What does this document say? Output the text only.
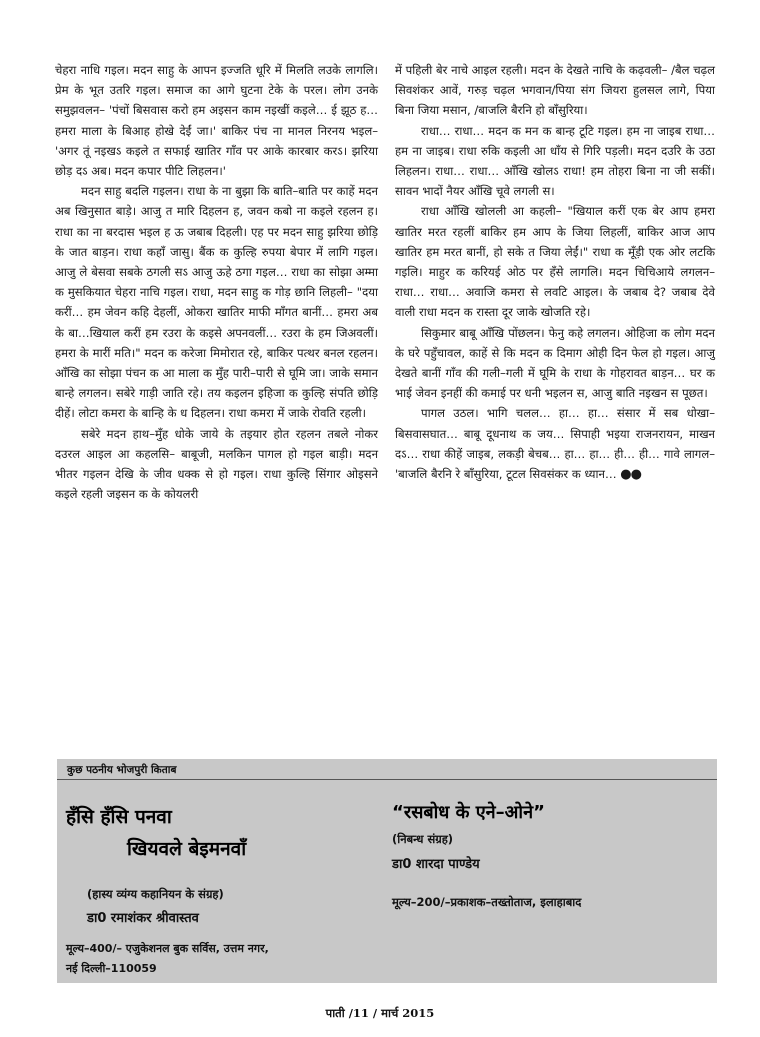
चेहरा नाधि गइल। मदन साहु के आपन इज्जति धूरि में मिलति लउके लागलि। प्रेम के भूत उतरि गइल। समाज का आगे घुटना टेके के परल। लोग उनके समुझवलन– 'पंचों बिसवास करो हम अइसन काम नइखीं कइले… ई झूठ ह… हमरा माला के बिआह होखे देईं जा।' बाकिर पंच ना मानल निरनय भइल– 'अगर तूं नइखऽ कइले त सफाई खातिर गाँव पर आके कारबार करऽ। झरिया छोड़ दऽ अब। मदन कपार पीटि लिहलन।'

मदन साहु बदलि गइलन। राधा के ना बुझा कि बाति–बाति पर काहें मदन अब खिनुसात बाड़े। आजु त मारि दिहलन ह, जवन कबो ना कइले रहलन ह। राधा का ना बरदास भइल ह ऊ जबाब दिहली। एह पर मदन साहु झरिया छोड़ि के जात बाड़न। राधा कहाँ जासु। बैंक क कुल्हि रुपया बेपार में लागि गइल। आजु ले बेसवा सबके ठगली सऽ आजु ऊहे ठगा गइल… राधा का सोझा अम्मा क मुसकियात चेहरा नाचि गइल। राधा, मदन साहु क गोड़ छानि लिहली– "दया करीं… हम जेवन कहि देहलीं, ओकरा खातिर माफी माँगत बानीं… हमरा अब के बा…खियाल करीं हम रउरा के कइसे अपनवलीं… रउरा के हम जिअवलीं। हमरा के मारीं मति।" मदन क करेजा मिमोरात रहे, बाकिर पत्थर बनल रहलन। आँखि का सोझा पंचन क आ माला क मुँह पारी–पारी से घूमि जा। जाके समान बान्हे लगलन। सबेरे गाड़ी जाति रहे। तय कइलन इहिजा क कुल्हि संपति छोड़ि दीहें। लोटा कमरा के बान्हि के ध दिहलन। राधा कमरा में जाके रोवति रहली।

सबेरे मदन हाथ–मुँह धोके जाये के तइयार होत रहलन तबले नोकर दउरल आइल आ कहलसि– बाबूजी, मलकिन पागल हो गइल बाड़ी। मदन भीतर गइलन देखि के जीव धक्क से हो गइल। राधा कुल्हि सिंगार ओइसने कइले रहली जइसन क के कोयलरी

में पहिली बेर नाचे आइल रहली। मदन के देखते नाचि के कढ़वली– /बैल चढ़ल सिवशंकर आवें, गरुड़ चढ़ल भगवान/पिया संग जियरा हुलसल लागे, पिया बिना जिया मसान, /बाजलि बैरनि हो बाँसुरिया।

राधा… राधा… मदन क मन क बान्ह टूटि गइल। हम ना जाइब राधा… हम ना जाइब। राधा रुकि कइली आ धाँय से गिरि पड़ली। मदन दउरि के उठा लिहलन। राधा… राधा… आँखि खोलऽ राधा! हम तोहरा बिना ना जी सकीं। सावन भादों नैयर आँखि चूवे लगली स।

राधा आँखि खोलली आ कहली– "खियाल करीं एक बेर आप हमरा खातिर मरत रहलीं बाकिर हम आप के जिया लिहलीं, बाकिर आज आप खातिर हम मरत बानीं, हो सके त जिया लेईं।" राधा क मूँड़ी एक ओर लटकि गइलि। माहुर क करियई ओठ पर हँसे लागलि। मदन चिचिआये लगलन– राधा… राधा… अवाजि कमरा से लवटि आइल। के जबाब दे? जबाब देवे वाली राधा मदन क रास्ता दूर जाके खोजति रहे।

सिकुमार बाबू आँखि पोंछलन। फेनु कहे लगलन। ओहिजा क लोग मदन के घरे पहुँचावल, काहें से कि मदन क दिमाग ओही दिन फेल हो गइल। आजु देखते बानीं गाँव की गली–गली में घूमि के राधा के गोहरावत बाड़न… घर क भाई जेवन इनहीं की कमाई पर धनी भइलन स, आजु बाति नइखन स पूछत।

पागल उठल। भागि चलल… हा… हा… संसार में सब धोखा– बिसवासघात… बाबू दूधनाथ क जय… सिपाही भइया राजनरायन, माखन दऽ… राधा कीहें जाइब, लकड़ी बेचब… हा… हा… ही… ही… गावे लागल– 'बाजलि बैरनि रे बाँसुरिया, टूटल सिवसंकर क ध्यान… ●●

कुछ पठनीय भोजपुरी किताब
हँसि हँसि पनवा
खियवले बेइमनवाँ
(हास्य व्यंग्य कहानियन के संग्रह)
डा0 रमाशंकर श्रीवास्तव
मूल्य–400/– एजुकेशनल बुक सर्विस, उत्तम नगर,
नई दिल्ली–110059
“रसबोध के एने–ओने”
(निबन्ध संग्रह)
डा0 शारदा पाण्डेय
मूल्य–200/–प्रकाशक–तख्तोताज, इलाहाबाद
पाती /11 / मार्च 2015
